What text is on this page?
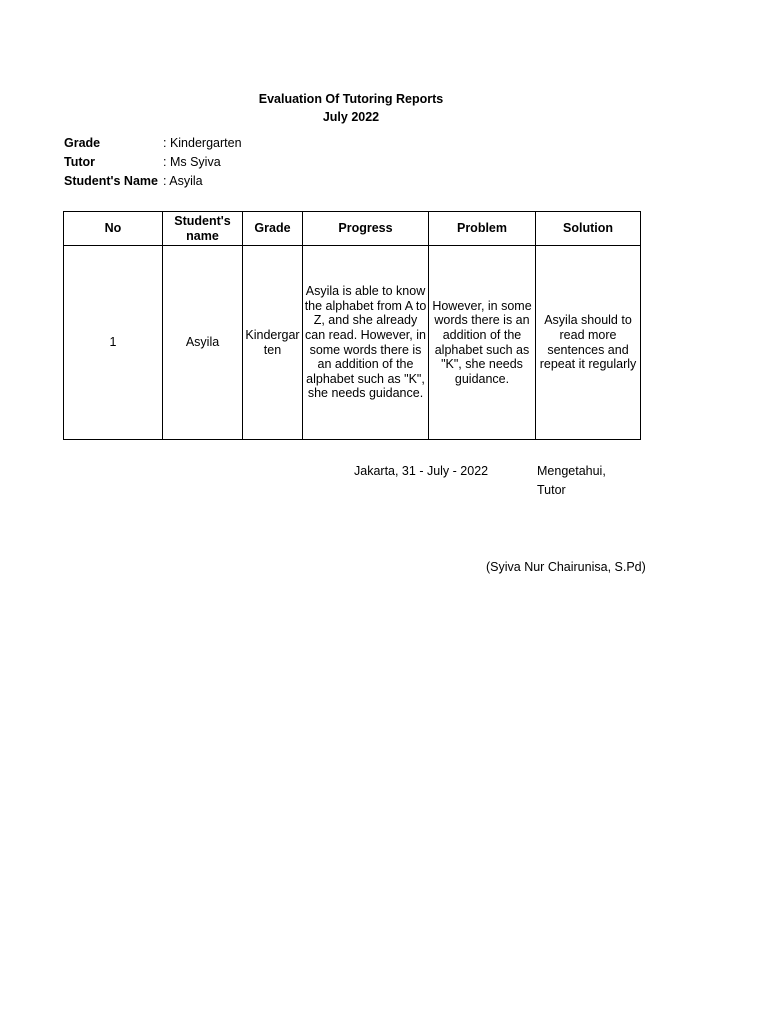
Evaluation Of Tutoring Reports
July 2022
Grade	: Kindergarten
Tutor	: Ms Syiva
Student's Name : Asyila
No	Student's name	Grade	Progress	Problem	Solution
1	Asyila	Kindergarten	Asyila is able to know the alphabet from A to Z, and she already can read. However, in some words there is an addition of the alphabet such as "K", she needs guidance.	However, in some words there is an addition of the alphabet such as "K", she needs guidance.	Asyila should to read more sentences and repeat it regularly
Jakarta, 31 - July - 2022	Mengetahui,
Tutor
(Syiva Nur Chairunisa, S.Pd)
